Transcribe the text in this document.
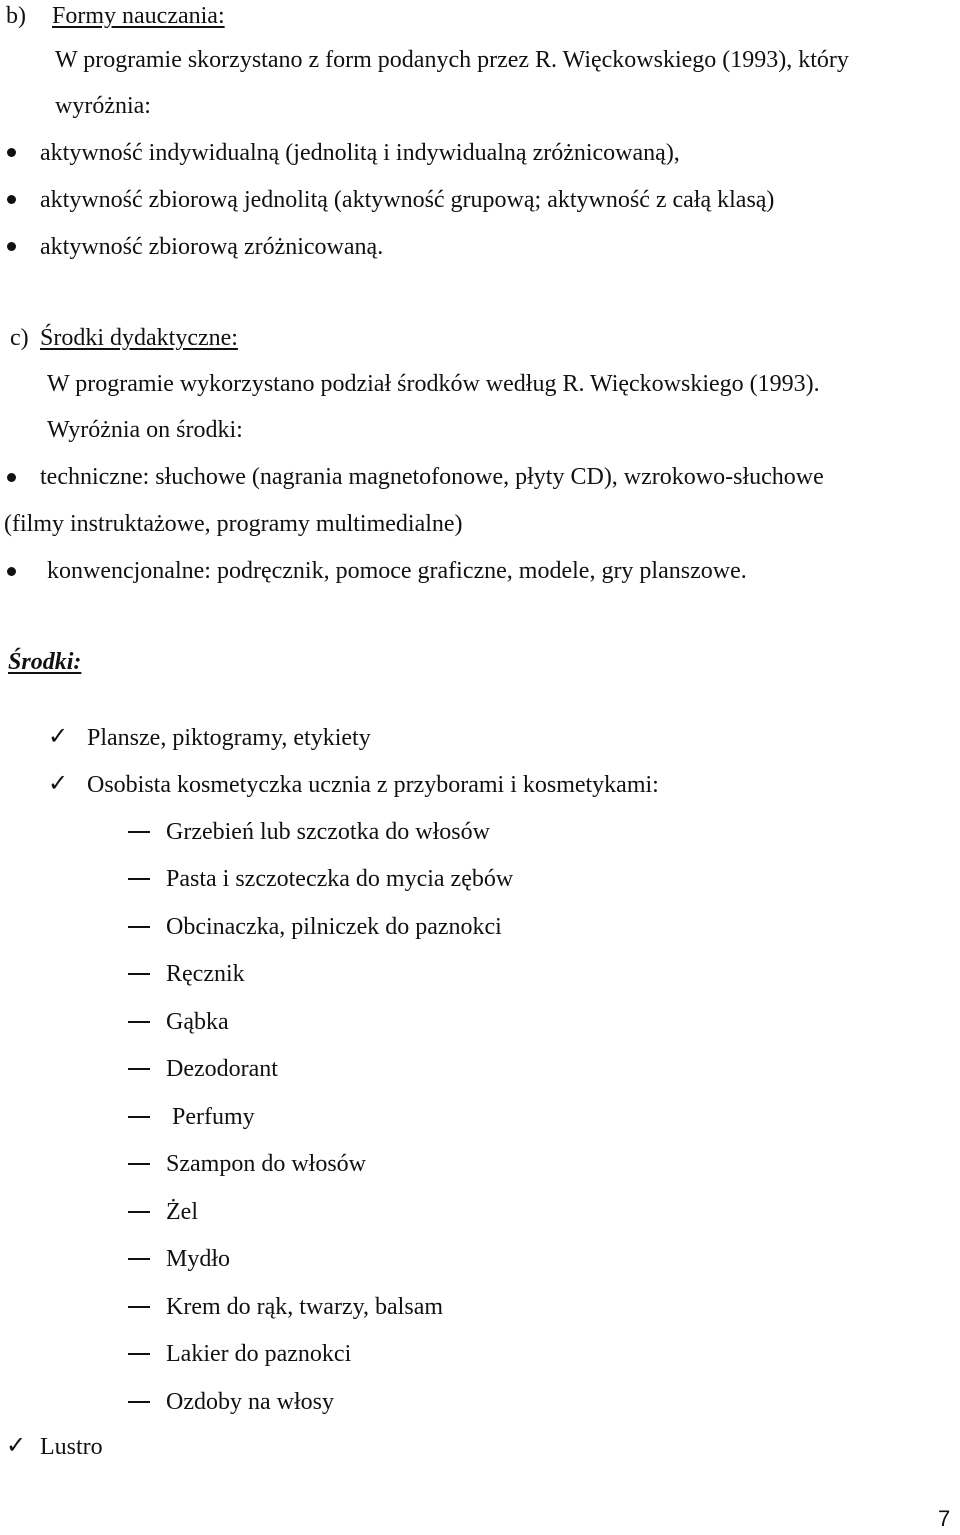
b) Formy nauczania:
W programie skorzystano z form podanych przez R. Więckowskiego (1993), który
wyróżnia:
aktywność indywidualną (jednolitą i indywidualną zróżnicowaną),
aktywność zbiorową jednolitą (aktywność grupową; aktywność z całą klasą)
aktywność zbiorową zróżnicowaną.
c) Środki dydaktyczne:
W programie wykorzystano podział środków według R. Więckowskiego (1993).
Wyróżnia on środki:
techniczne: słuchowe (nagrania magnetofonowe, płyty CD), wzrokowo-słuchowe
(filmy instruktażowe, programy multimedialne)
konwencjonalne: podręcznik, pomoce graficzne, modele, gry planszowe.
Środki:
✓ Plansze, piktogramy, etykiety
✓ Osobista kosmetyczka ucznia z przyborami i kosmetykami:
Grzebień lub szczotka do włosów
Pasta i szczoteczka do mycia zębów
Obcinaczka, pilniczek do paznokci
Ręcznik
Gąbka
Dezodorant
Perfumy
Szampon do włosów
Żel
Mydło
Krem do rąk, twarzy, balsam
Lakier do paznokci
Ozdoby na włosy
✓ Lustro
7
